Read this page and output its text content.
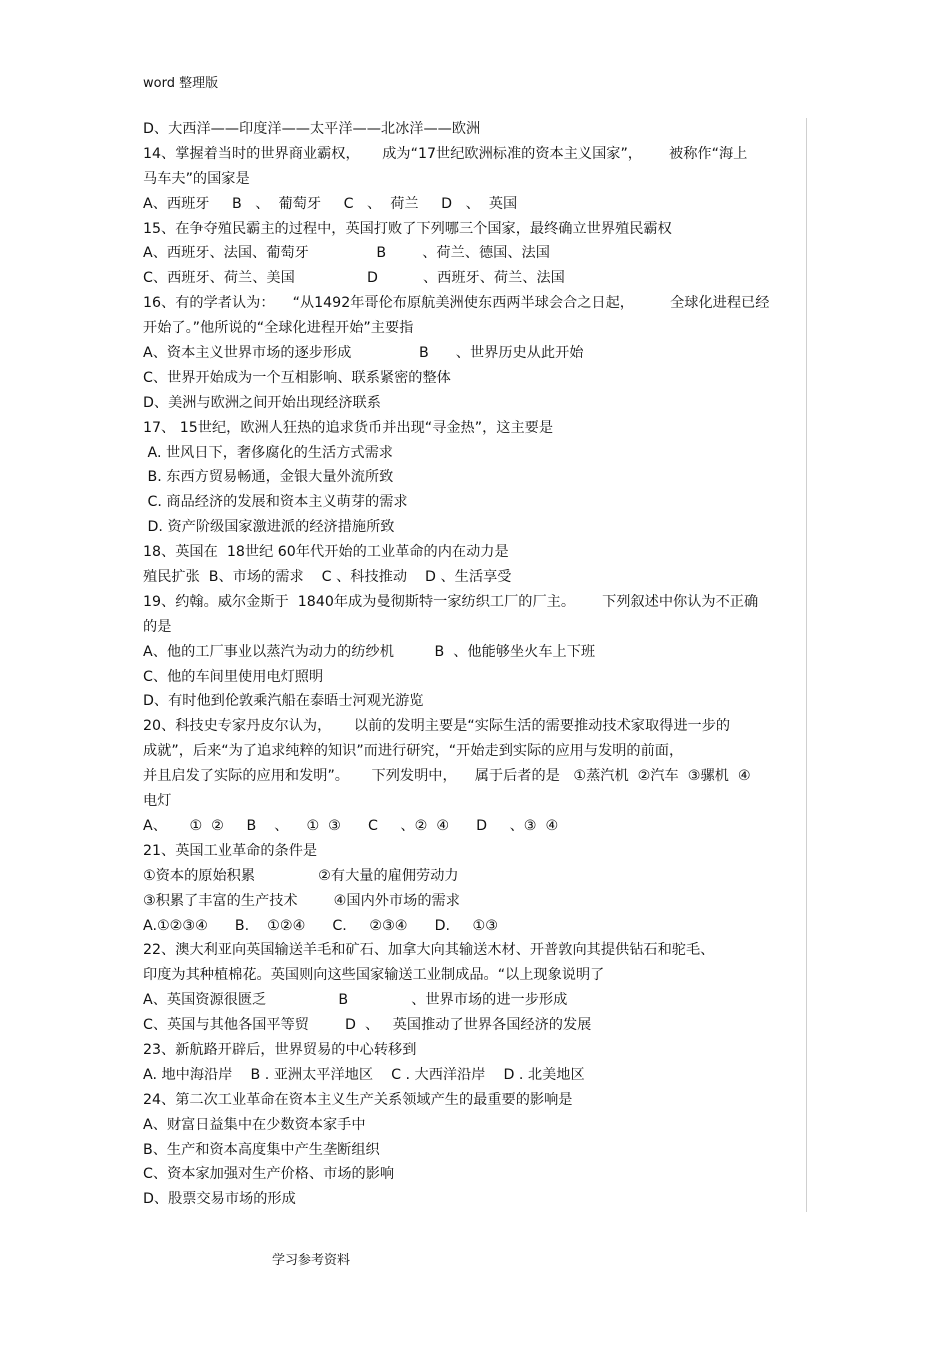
word 整理版
D、大西洋——印度洋——太平洋——北冰洋——欧洲
14、掌握着当时的世界商业霸权，     成为“17世纪欧洲标准的资本主义国家”，      被称作“海上
马车夫”的国家是
A、西班牙     B   、  葡萄牙     C   、  荷兰     D   、  英国
15、在争夺殖民霸主的过程中，英国打败了下列哪三个国家，最终确立世界殖民霸权
A、西班牙、法国、葡萄牙               B        、荷兰、德国、法国
C、西班牙、荷兰、美国                D          、西班牙、荷兰、法国
16、有的学者认为：    “从1492年哥伦布原航美洲使东西两半球会合之日起，        全球化进程已经
开始了。”他所说的“全球化进程开始”主要指
A、资本主义世界市场的逐步形成               B      、世界历史从此开始
C、世界开始成为一个互相影响、联系紧密的整体
D、美洲与欧洲之间开始出现经济联系
17、 15世纪，欧洲人狂热的追求货币并出现“寻金热”，这主要是
A. 世风日下，奢侈腐化的生活方式需求
B. 东西方贸易畅通，金银大量外流所致
C. 商品经济的发展和资本主义萌芽的需求
D. 资产阶级国家激进派的经济措施所致
18、英国在  18世纪 60年代开始的工业革命的内在动力是
殖民扩张  B、市场的需求    C 、科技推动    D 、生活享受
19、约翰。威尔金斯于  1840年成为曼彻斯特一家纺织工厂的厂主。      下列叙述中你认为不正确
的是
A、他的工厂事业以蒸汽为动力的纺纱机         B  、他能够坐火车上下班
C、他的车间里使用电灯照明
D、有时他到伦敦乘汽船在泰晤士河观光游览
20、科技史专家丹皮尔认为，     以前的发明主要是“实际生活的需要推动技术家取得进一步的
成就”，后来“为了追求纯粹的知识”而进行研究，“开始走到实际的应用与发明的前面，
并且启发了实际的应用和发明”。     下列发明中，    属于后者的是   ①蒸汽机  ②汽车  ③骡机  ④
电灯
A、     ①  ②     B    、    ①  ③      C     、②  ④      D     、③  ④
21、英国工业革命的条件是
①资本的原始积累              ②有大量的雇佣劳动力
③积累了丰富的生产技术        ④国内外市场的需求
A.①②③④      B.    ①②④      C.     ②③④      D.     ①③
22、澳大利亚向英国输送羊毛和矿石、加拿大向其输送木材、开普敦向其提供钻石和驼毛、
印度为其种植棉花。英国则向这些国家输送工业制成品。“以上现象说明了
A、英国资源很匮乏                B              、世界市场的进一步形成
C、英国与其他各国平等贸        D  、   英国推动了世界各国经济的发展
23、新航路开辟后，世界贸易的中心转移到
A. 地中海沿岸    B . 亚洲太平洋地区    C . 大西洋沿岸    D . 北美地区
24、第二次工业革命在资本主义生产关系领域产生的最重要的影响是
A、财富日益集中在少数资本家手中
B、生产和资本高度集中产生垄断组织
C、资本家加强对生产价格、市场的影响
D、股票交易市场的形成
学习参考资料
